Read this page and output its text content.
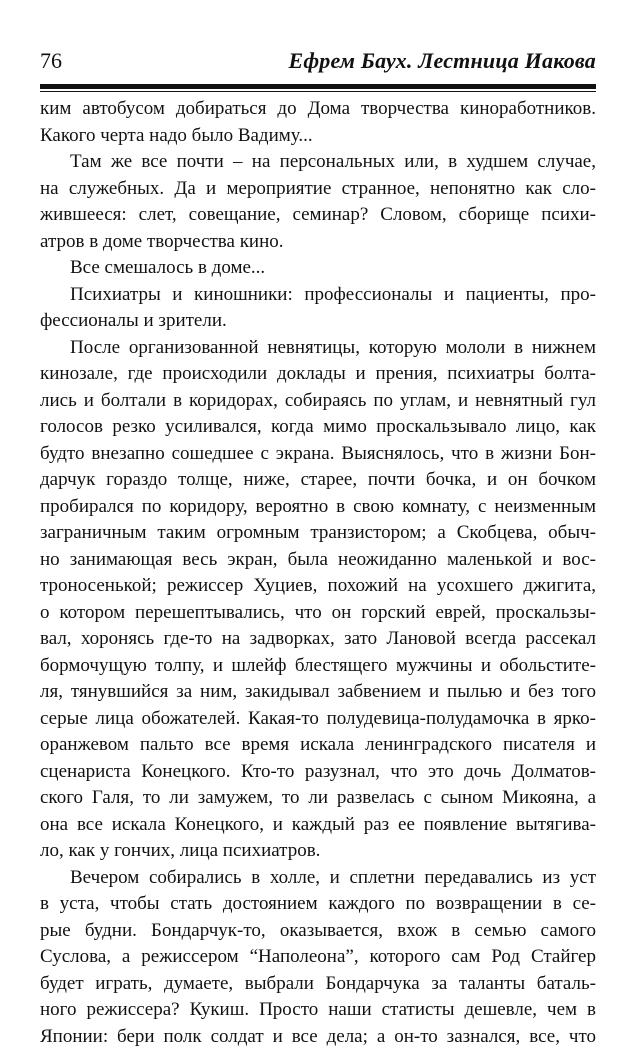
76	Ефрем Баух. Лестница Иакова
ким автобусом добираться до Дома творчества киноработников.
Какого черта надо было Вадиму...
Там же все почти – на персональных или, в худшем случае,
на служебных. Да и мероприятие странное, непонятно как сло-
жившееся: слет, совещание, семинар? Словом, сборище психи-
атров в доме творчества кино.
Все смешалось в доме...
Психиатры и киношники: профессионалы и пациенты, про-
фессионалы и зрители.
После организованной невнятицы, которую мололи в нижнем
кинозале, где происходили доклады и прения, психиатры болта-
лись и болтали в коридорах, собираясь по углам, и невнятный гул
голосов резко усиливался, когда мимо проскальзывало лицо, как
будто внезапно сошедшее с экрана. Выяснялось, что в жизни Бон-
дарчук гораздо толще, ниже, старее, почти бочка, и он бочком
пробирался по коридору, вероятно в свою комнату, с неизменным
заграничным таким огромным транзистором; а Скобцева, обыч-
но занимающая весь экран, была неожиданно маленькой и вос-
троносенькой; режиссер Хуциев, похожий на усохшего джигита,
о котором перешептывались, что он горский еврей, проскальзы-
вал, хоронясь где-то на задворках, зато Лановой всегда рассекал
бормочущую толпу, и шлейф блестящего мужчины и обольстите-
ля, тянувшийся за ним, закидывал забвением и пылью и без того
серые лица обожателей. Какая-то полудевица-полудамочка в ярко-
оранжевом пальто все время искала ленинградского писателя и
сценариста Конецкого. Кто-то разузнал, что это дочь Долматов-
ского Галя, то ли замужем, то ли развелась с сыном Микояна, а
она все искала Конецкого, и каждый раз ее появление вытягива-
ло, как у гончих, лица психиатров.
Вечером собирались в холле, и сплетни передавались из уст
в уста, чтобы стать достоянием каждого по возвращении в се-
рые будни. Бондарчук-то, оказывается, вхож в семью самого
Суслова, а режиссером “Наполеона”, которого сам Род Стайгер
будет играть, думаете, выбрали Бондарчука за таланты баталь-
ного режиссера? Кукиш. Просто наши статисты дешевле, чем в
Японии: бери полк солдат и все дела; а он-то зазнался, все, что
